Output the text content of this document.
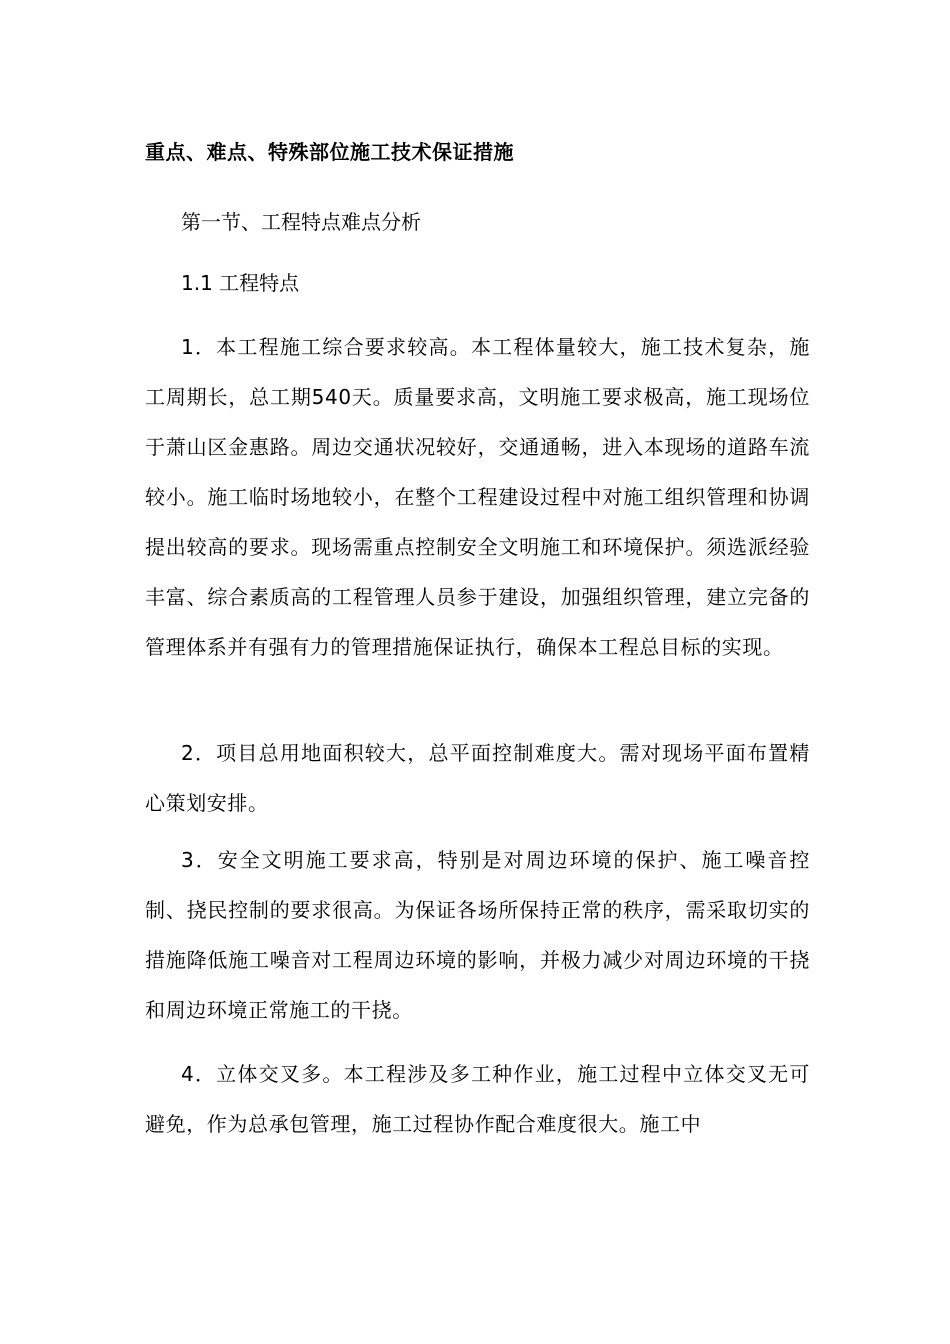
重点、难点、特殊部位施工技术保证措施
第一节、工程特点难点分析
1.1 工程特点

1．本工程施工综合要求较高。本工程体量较大，施工技术复杂，施工周期长，总工期540天。质量要求高，文明施工要求极高，施工现场位于萧山区金惠路。周边交通状况较好，交通通畅，进入本现场的道路车流较小。施工临时场地较小，在整个工程建设过程中对施工组织管理和协调提出较高的要求。现场需重点控制安全文明施工和环境保护。须选派经验丰富、综合素质高的工程管理人员参于建设，加强组织管理，建立完备的管理体系并有强有力的管理措施保证执行，确保本工程总目标的实现。

2．项目总用地面积较大，总平面控制难度大。需对现场平面布置精心策划安排。

3．安全文明施工要求高，特别是对周边环境的保护、施工噪音控制、挠民控制的要求很高。为保证各场所保持正常的秩序，需采取切实的措施降低施工噪音对工程周边环境的影响，并极力减少对周边环境的干挠和周边环境正常施工的干挠。

4．立体交叉多。本工程涉及多工种作业，施工过程中立体交叉无可避免，作为总承包管理，施工过程协作配合难度很大。施工中
